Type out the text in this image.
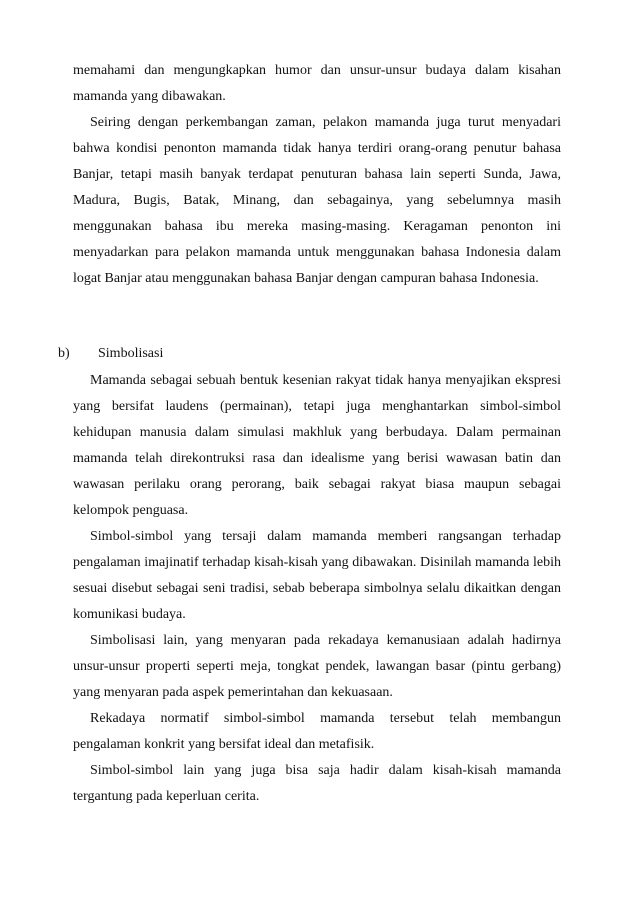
memahami dan mengungkapkan humor dan unsur-unsur budaya dalam kisahan mamanda yang dibawakan.

Seiring dengan perkembangan zaman, pelakon mamanda juga turut menyadari bahwa kondisi penonton mamanda tidak hanya terdiri orang-orang penutur bahasa Banjar, tetapi masih banyak terdapat penuturan bahasa lain seperti Sunda, Jawa, Madura, Bugis, Batak, Minang, dan sebagainya, yang sebelumnya masih menggunakan bahasa ibu mereka masing-masing. Keragaman penonton ini menyadarkan para pelakon mamanda untuk menggunakan bahasa Indonesia dalam logat Banjar atau menggunakan bahasa Banjar dengan campuran bahasa Indonesia.

b) Simbolisasi

Mamanda sebagai sebuah bentuk kesenian rakyat tidak hanya menyajikan ekspresi yang bersifat laudens (permainan), tetapi juga menghantarkan simbol-simbol kehidupan manusia dalam simulasi makhluk yang berbudaya. Dalam permainan mamanda telah direkontruksi rasa dan idealisme yang berisi wawasan batin dan wawasan perilaku orang perorang, baik sebagai rakyat biasa maupun sebagai kelompok penguasa.

Simbol-simbol yang tersaji dalam mamanda memberi rangsangan terhadap pengalaman imajinatif terhadap kisah-kisah yang dibawakan. Disinilah mamanda lebih sesuai disebut sebagai seni tradisi, sebab beberapa simbolnya selalu dikaitkan dengan komunikasi budaya.

Simbolisasi lain, yang menyaran pada rekadaya kemanusiaan adalah hadirnya unsur-unsur properti seperti meja, tongkat pendek, lawangan basar (pintu gerbang) yang menyaran pada aspek pemerintahan dan kekuasaan.

Rekadaya normatif simbol-simbol mamanda tersebut telah membangun pengalaman konkrit yang bersifat ideal dan metafisik.

Simbol-simbol lain yang juga bisa saja hadir dalam kisah-kisah mamanda tergantung pada keperluan cerita.
